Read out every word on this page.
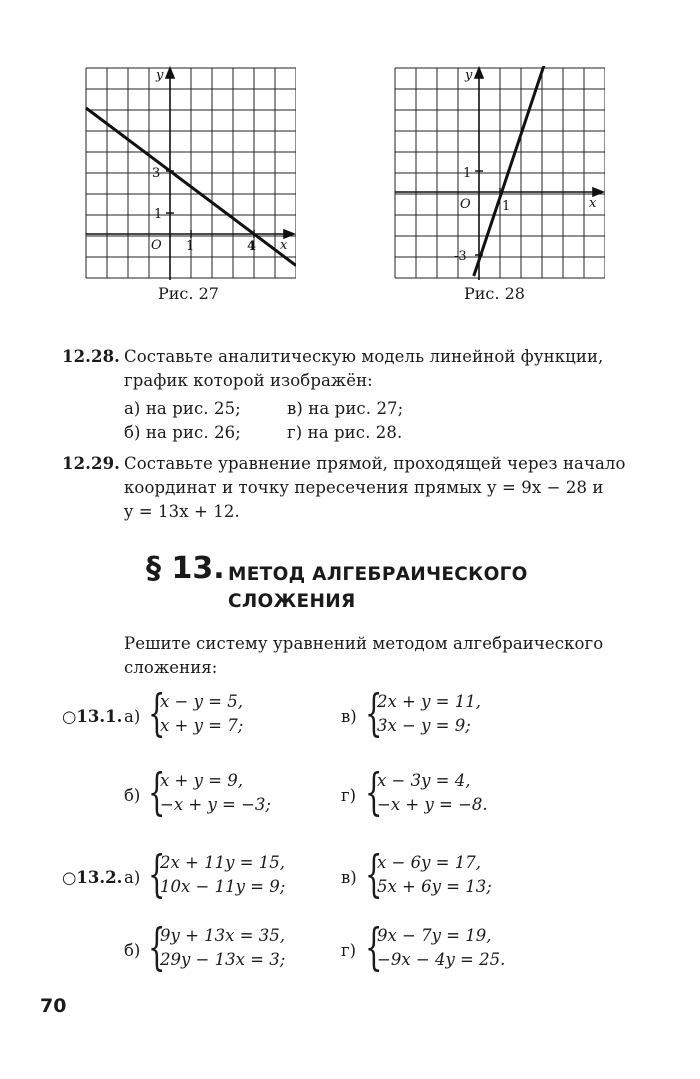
y
x
O
3
1
1	4
Рис. 27
y
x
O
1
-3
1
Рис. 28
12.28. Составьте аналитическую модель линейной функции,
график которой изображён:
а) на рис. 25;	в) на рис. 27;
б) на рис. 26;	г) на рис. 28.
12.29. Составьте уравнение прямой, проходящей через начало
координат и точку пересечения прямых y = 9x − 28 и
y = 13x + 12.
§ 13. МЕТОД АЛГЕБРАИЧЕСКОГО
СЛОЖЕНИЯ
Решите систему уравнений методом алгебраического
сложения:
○13.1. а) {
x − y = 5,
x + y = 7;	в) {
2x + y = 11,
3x − y = 9;
б) {
x + y = 9,
−x + y = −3;	г) {
x − 3y = 4,
−x + y = −8.
○13.2. а) {
2x + 11y = 15,
10x − 11y = 9;	в) {
x − 6y = 17,
5x + 6y = 13;
б) {
9y + 13x = 35,
29y − 13x = 3;	г) {
9x − 7y = 19,
−9x − 4y = 25.
70
